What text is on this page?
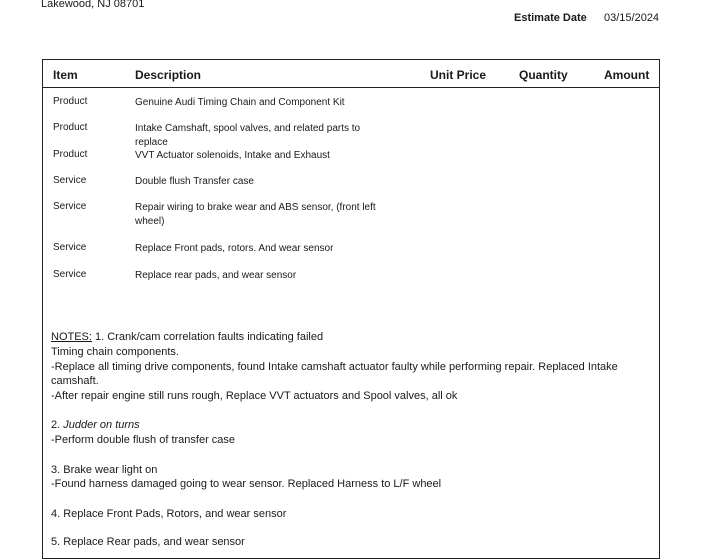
Lakewood, NJ 08701
Estimate Date 03/15/2024
Item	Description	Unit Price	Quantity	Amount
Product	Genuine Audi Timing Chain and Component Kit
Product	Intake Camshaft, spool valves, and related parts to replace
Product	VVT Actuator solenoids, Intake and Exhaust
Service	Double flush Transfer case
Service	Repair wiring to brake wear and ABS sensor, (front left wheel)
Service	Replace Front pads, rotors. And wear sensor
Service	Replace rear pads, and wear sensor

NOTES: 1. Crank/cam correlation faults indicating failed

Timing chain components.

-Replace all timing drive components, found Intake camshaft actuator faulty while performing repair. Replaced Intake camshaft.

-After repair engine still runs rough, Replace VVT actuators and Spool valves, all ok

2. Judder on turns

-Perform double flush of transfer case

3. Brake wear light on

-Found harness damaged going to wear sensor. Replaced Harness to L/F wheel

4. Replace Front Pads, Rotors, and wear sensor

5. Replace Rear pads, and wear sensor
